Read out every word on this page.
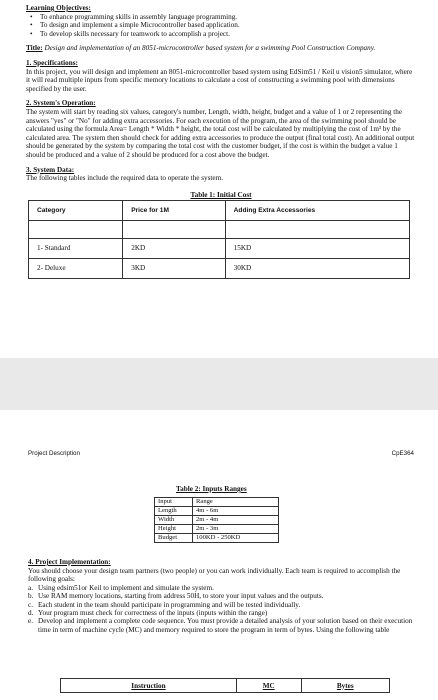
Learning Objectives:
•	To enhance programming skills in assembly language programming.
•	To design and implement a simple Microcontroller based application.
•	To develop skills necessary for teamwork to accomplish a project.
Title: Design and implementation of an 8051-microcontroller based system for a swimming Pool Construction Company.
1. Specifications:
In this project, you will design and implement an 8051-microcontroller based system using EdSim51 / Keil u vision5 simulator, where it will read multiple inputs from specific memory locations to calculate a cost of constructing a swimming pool with dimensions specified by the user.
2. System's Operation:
The system will start by reading six values, category's number, Length, width, height, budget and a value of 1 or 2 representing the answers "yes" or "No" for adding extra accessories. For each execution of the program, the area of the swimming pool should be calculated using the formula Area= Length * Width * height, the total cost will be calculated by multiplying the cost of 1m³ by the calculated area. The system then should check for adding extra accessories to produce the output (final total cost). An additional output should be generated by the system by comparing the total cost with the customer budget, if the cost is within the budget a value 1 should be produced and a value of 2 should be produced for a cost above the budget.
3. System Data:
The following tables include the required data to operate the system.
Table 1: Initial Cost
Category	Price for 1M	Adding Extra Accessories

1- Standard	2KD	15KD
2- Deluxe	3KD	30KD
Project Description	CpE364
Table 2: Inputs Ranges
Input	Range
Length	4m - 6m
Width	2m - 4m
Height	2m - 3m
Budget	100KD - 250KD
4. Project Implementation:
You should choose your design team partners (two people) or you can work individually. Each team is required to accomplish the following goals:
a. Using edsim51or Keil to implement and simulate the system.
b. Use RAM memory locations, starting from address 50H, to store your input values and the outputs.
c. Each student in the team should participate in programming and will be tested individually.
d. Your program must check for correctness of the inputs (inputs within the range)
e. Develop and implement a complete code sequence. You must provide a detailed analysis of your solution based on their execution time in term of machine cycle (MC) and memory required to store the program in term of bytes. Using the following table
Instruction	MC	Bytes
